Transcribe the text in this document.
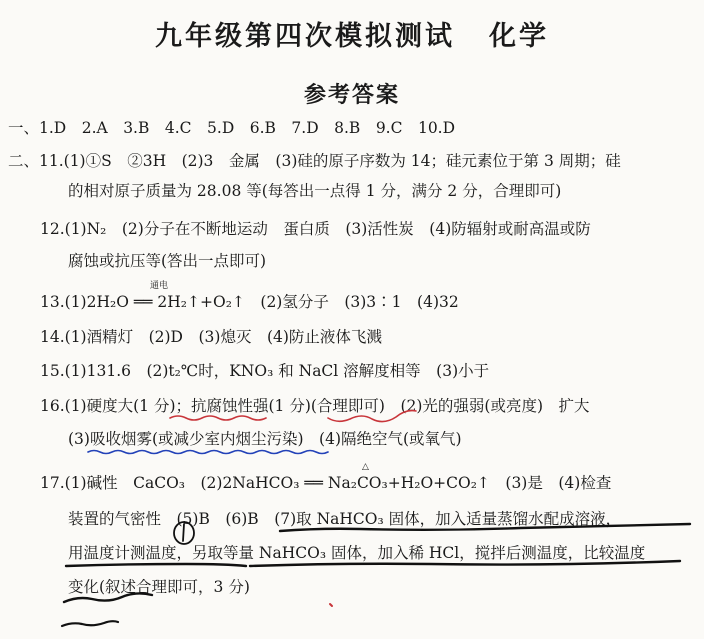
九年级第四次模拟测试 化学
参考答案
一、1.D　2.A　3.B　4.C　5.D　6.B　7.D　8.B　9.C　10.D
二、11.(1)①S　②3H　(2)3　金属　(3)硅的原子序数为 14；硅元素位于第 3 周期；硅
的相对原子质量为 28.08 等(每答出一点得 1 分，满分 2 分，合理即可)
12.(1)N₂　(2)分子在不断地运动　蛋白质　(3)活性炭　(4)防辐射或耐高温或防
腐蚀或抗压等(答出一点即可)
13.(1)2H₂O ══ 2H₂↑+O₂↑　(2)氢分子　(3)3∶1　(4)32
14.(1)酒精灯　(2)D　(3)熄灭　(4)防止液体飞溅
15.(1)131.6　(2)t₂℃时，KNO₃ 和 NaCl 溶解度相等　(3)小于
16.(1)硬度大(1 分)；抗腐蚀性强(1 分)(合理即可)　(2)光的强弱(或亮度)　扩大
(3)吸收烟雾(或减少室内烟尘污染)　(4)隔绝空气(或氧气)
17.(1)碱性　CaCO₃　(2)2NaHCO₃ ══ Na₂CO₃+H₂O+CO₂↑　(3)是　(4)检查
装置的气密性　(5)B　(6)B　(7)取 NaHCO₃ 固体，加入适量蒸馏水配成溶液，
用温度计测温度，另取等量 NaHCO₃ 固体，加入稀 HCl，搅拌后测温度，比较温度
变化(叙述合理即可，3 分)
通电
△
